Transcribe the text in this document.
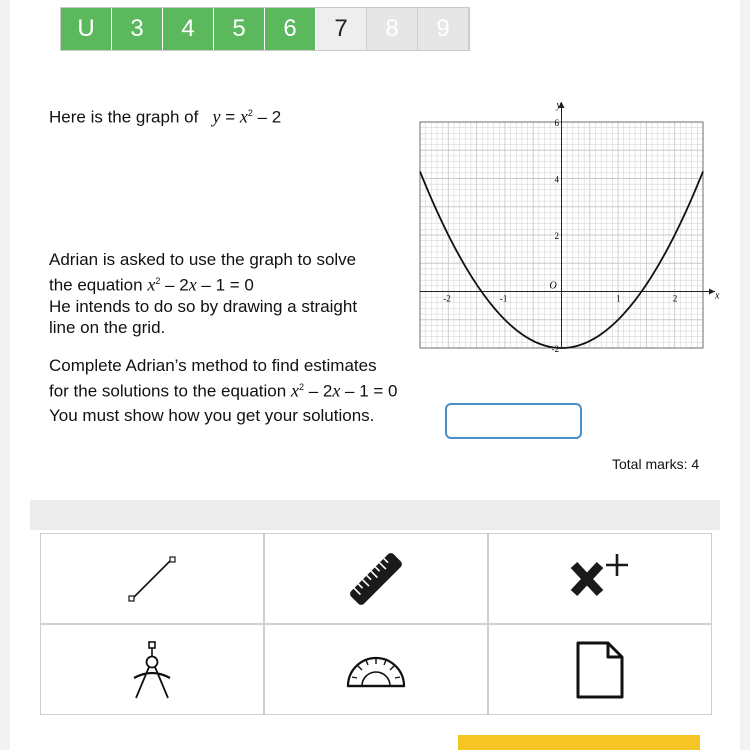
U	3	4	5	6	7	8	9
Here is the graph of $y = x^2 - 2$
Adrian is asked to use the graph to solve
the equation $x^2 - 2x - 1 = 0$
He intends to do so by drawing a straight
line on the grid.
Complete Adrian’s method to find estimates
for the solutions to the equation $x^2 - 2x - 1 = 0$
You must show how you get your solutions.
y
x
O
-2	-1	1	2
6
4
2
-2
Total marks: 4
